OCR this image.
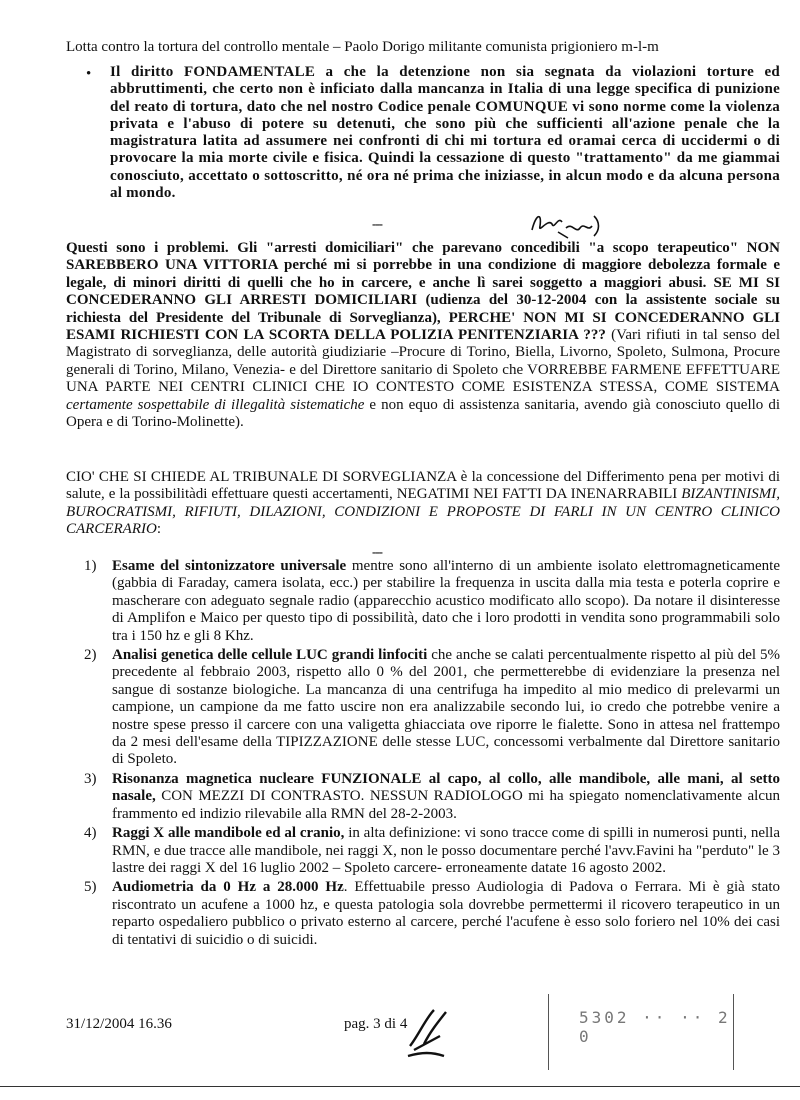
Lotta contro la tortura del controllo mentale – Paolo Dorigo militante comunista prigioniero m-l-m
• Il diritto FONDAMENTALE a che la detenzione non sia segnata da violazioni torture ed abbruttimenti, che certo non è inficiato dalla mancanza in Italia di una legge specifica di punizione del reato di tortura, dato che nel nostro Codice penale COMUNQUE vi sono norme come la violenza privata e l'abuso di potere su detenuti, che sono più che sufficienti all'azione penale che la magistratura latita ad assumere nei confronti di chi mi tortura ed oramai cerca di uccidermi o di provocare la mia morte civile e fisica. Quindi la cessazione di questo "trattamento" da me giammai conosciuto, accettato o sottoscritto, né ora né prima che iniziasse, in alcun modo e da alcuna persona al mondo.
---
Questi sono i problemi. Gli "arresti domiciliari" che parevano concedibili "a scopo terapeutico" NON SAREBBERO UNA VITTORIA perché mi si porrebbe in una condizione di maggiore debolezza formale e legale, di minori diritti di quelli che ho in carcere, e anche lì sarei soggetto a maggiori abusi. SE MI SI CONCEDERANNO GLI ARRESTI DOMICILIARI (udienza del 30-12-2004 con la assistente sociale su richiesta del Presidente del Tribunale di Sorveglianza), PERCHE' NON MI SI CONCEDERANNO GLI ESAMI RICHIESTI CON LA SCORTA DELLA POLIZIA PENITENZIARIA ??? (Vari rifiuti in tal senso del Magistrato di sorveglianza, delle autorità giudiziarie –Procure di Torino, Biella, Livorno, Spoleto, Sulmona, Procure generali di Torino, Milano, Venezia- e del Direttore sanitario di Spoleto che VORREBBE FARMENE EFFETTUARE UNA PARTE NEI CENTRI CLINICI CHE IO CONTESTO COME ESISTENZA STESSA, COME SISTEMA certamente sospettabile di illegalità sistematiche e non equo di assistenza sanitaria, avendo già conosciuto quello di Opera e di Torino-Molinette).
CIO' CHE SI CHIEDE AL TRIBUNALE DI SORVEGLIANZA è la concessione del Differimento pena per motivi di salute, e la possibilitàdi effettuare questi accertamenti, NEGATIMI NEI FATTI DA INENARRABILI BIZANTINISMI, BUROCRATISMI, RIFIUTI, DILAZIONI, CONDIZIONI E PROPOSTE DI FARLI IN UN CENTRO CLINICO CARCERARIO:
---
1) Esame del sintonizzatore universale mentre sono all'interno di un ambiente isolato elettromagneticamente (gabbia di Faraday, camera isolata, ecc.) per stabilire la frequenza in uscita dalla mia testa e poterla coprire e mascherare con adeguato segnale radio (apparecchio acustico modificato allo scopo). Da notare il disinteresse di Amplifon e Maico per questo tipo di possibilità, dato che i loro prodotti in vendita sono programmabili solo tra i 150 hz e gli 8 Khz.
2) Analisi genetica delle cellule LUC grandi linfociti che anche se calati percentualmente rispetto al più del 5% precedente al febbraio 2003, rispetto allo 0 % del 2001, che permetterebbe di evidenziare la presenza nel sangue di sostanze biologiche. La mancanza di una centrifuga ha impedito al mio medico di prelevarmi un campione, un campione da me fatto uscire non era analizzabile secondo lui, io credo che potrebbe venire a nostre spese presso il carcere con una valigetta ghiacciata ove riporre le fialette. Sono in attesa nel frattempo da 2 mesi dell'esame della TIPIZZAZIONE delle stesse LUC, concessomi verbalmente dal Direttore sanitario di Spoleto.
3) Risonanza magnetica nucleare FUNZIONALE al capo, al collo, alle mandibole, alle mani, al setto nasale, CON MEZZI DI CONTRASTO. NESSUN RADIOLOGO mi ha spiegato nomenclativamente alcun frammento ed indizio rilevabile alla RMN del 28-2-2003.
4) Raggi X alle mandibole ed al cranio, in alta definizione: vi sono tracce come di spilli in numerosi punti, nella RMN, e due tracce alle mandibole, nei raggi X, non le posso documentare perché l'avv.Favini ha "perduto" le 3 lastre dei raggi X del 16 luglio 2002 – Spoleto carcere- erroneamente datate 16 agosto 2002.
5) Audiometria da 0 Hz a 28.000 Hz. Effettuabile presso Audiologia di Padova o Ferrara. Mi è già stato riscontrato un acufene a 1000 hz, e questa patologia sola dovrebbe permettermi il ricovero terapeutico in un reparto ospedaliero pubblico o privato esterno al carcere, perché l'acufene è esso solo foriero nel 10% dei casi di tentativi di suicidio o di suicidi.
31/12/2004 16.36	pag. 3 di 4	5302 ·· ·· 2 0
